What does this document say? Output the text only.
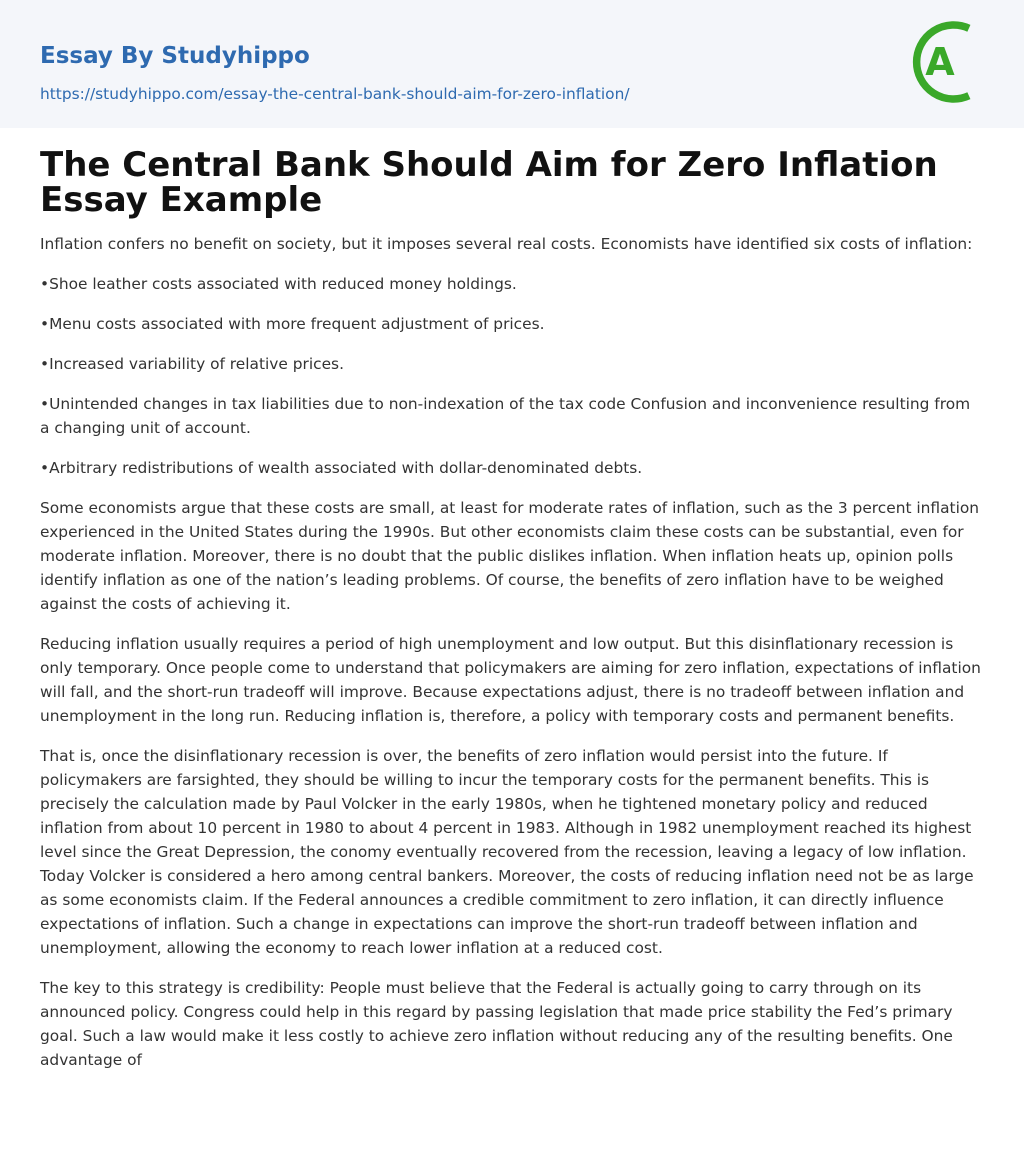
Essay By Studyhippo
https://studyhippo.com/essay-the-central-bank-should-aim-for-zero-inflation/
A
The Central Bank Should Aim for Zero Inflation Essay Example

Inflation confers no benefit on society, but it imposes several real costs. Economists have identified six costs of inflation:

•Shoe leather costs associated with reduced money holdings.

•Menu costs associated with more frequent adjustment of prices.

•Increased variability of relative prices.

•Unintended changes in tax liabilities due to non-indexation of the tax code Confusion and inconvenience resulting from a changing unit of account.

•Arbitrary redistributions of wealth associated with dollar-denominated debts.

Some economists argue that these costs are small, at least for moderate rates of inflation, such as the 3 percent inflation experienced in the United States during the 1990s. But other economists claim these costs can be substantial, even for moderate inflation. Moreover, there is no doubt that the public dislikes inflation. When inflation heats up, opinion polls identify inflation as one of the nation’s leading problems. Of course, the benefits of zero inflation have to be weighed against the costs of achieving it.

Reducing inflation usually requires a period of high unemployment and low output. But this disinflationary recession is only temporary. Once people come to understand that policymakers are aiming for zero inflation, expectations of inflation will fall, and the short-run tradeoff will improve. Because expectations adjust, there is no tradeoff between inflation and unemployment in the long run. Reducing inflation is, therefore, a policy with temporary costs and permanent benefits.

That is, once the disinflationary recession is over, the benefits of zero inflation would persist into the future. If policymakers are farsighted, they should be willing to incur the temporary costs for the permanent benefits. This is precisely the calculation made by Paul Volcker in the early 1980s, when he tightened monetary policy and reduced inflation from about 10 percent in 1980 to about 4 percent in 1983. Although in 1982 unemployment reached its highest level since the Great Depression, the conomy eventually recovered from the recession, leaving a legacy of low inflation. Today Volcker is considered a hero among central bankers. Moreover, the costs of reducing inflation need not be as large as some economists claim. If the Federal announces a credible commitment to zero inflation, it can directly influence expectations of inflation. Such a change in expectations can improve the short-run tradeoff between inflation and unemployment, allowing the economy to reach lower inflation at a reduced cost.

The key to this strategy is credibility: People must believe that the Federal is actually going to carry through on its announced policy. Congress could help in this regard by passing legislation that made price stability the Fed’s primary goal. Such a law would make it less costly to achieve zero inflation without reducing any of the resulting benefits. One advantage of
